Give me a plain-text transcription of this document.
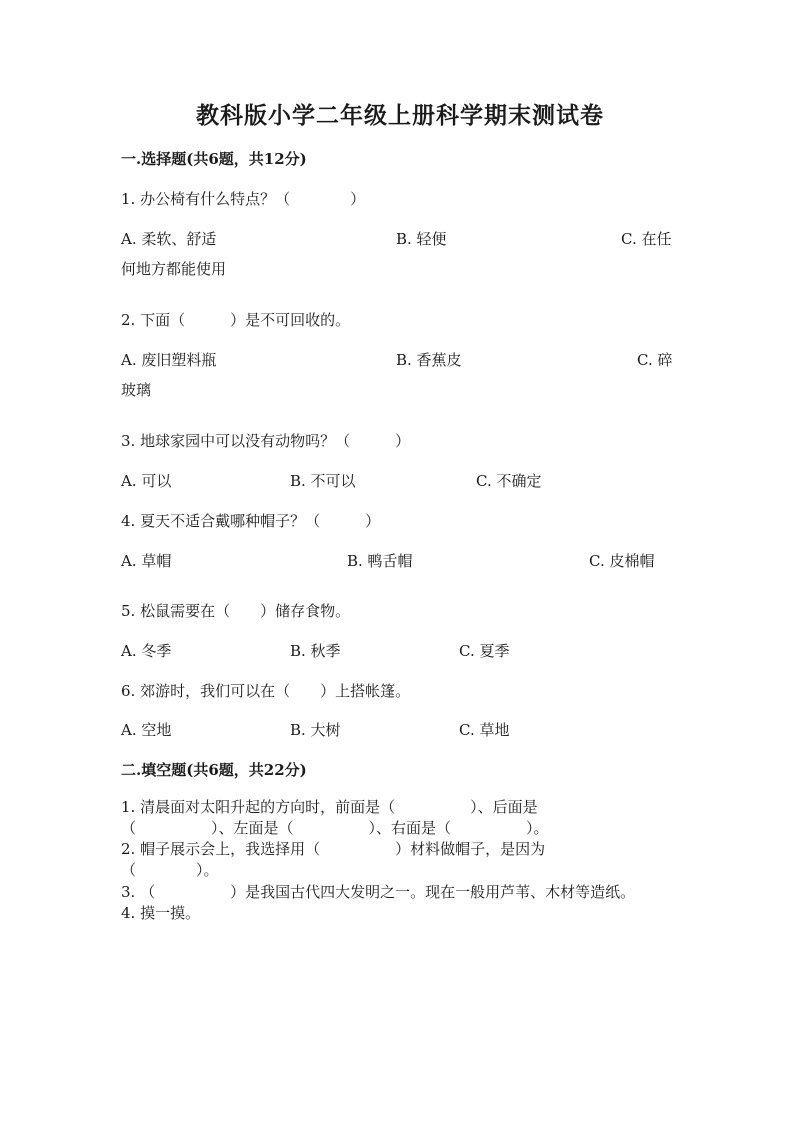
教科版小学二年级上册科学期末测试卷
一.选择题(共6题，共12分)
1. 办公椅有什么特点？（　　　　）
A. 柔软、舒适	B. 轻便	C. 在任
何地方都能使用
2. 下面（　　　）是不可回收的。
A. 废旧塑料瓶	B. 香蕉皮	C. 碎
玻璃
3. 地球家园中可以没有动物吗？（　　　）
A. 可以	B. 不可以	C. 不确定
4. 夏天不适合戴哪种帽子？（　　　）
A. 草帽	B. 鸭舌帽	C. 皮棉帽
5. 松鼠需要在（　　）储存食物。
A. 冬季	B. 秋季	C. 夏季
6. 郊游时，我们可以在（　　）上搭帐篷。
A. 空地	B. 大树	C. 草地
二.填空题(共6题，共22分)
1. 清晨面对太阳升起的方向时，前面是（　　　　　）、后面是
（　　　　　）、左面是（　　　　　）、右面是（　　　　　）。
2. 帽子展示会上，我选择用（　　　　　）材料做帽子，是因为
（　　　　）。
3. （　　　　　）是我国古代四大发明之一。现在一般用芦苇、木材等造纸。
4. 摸一摸。
